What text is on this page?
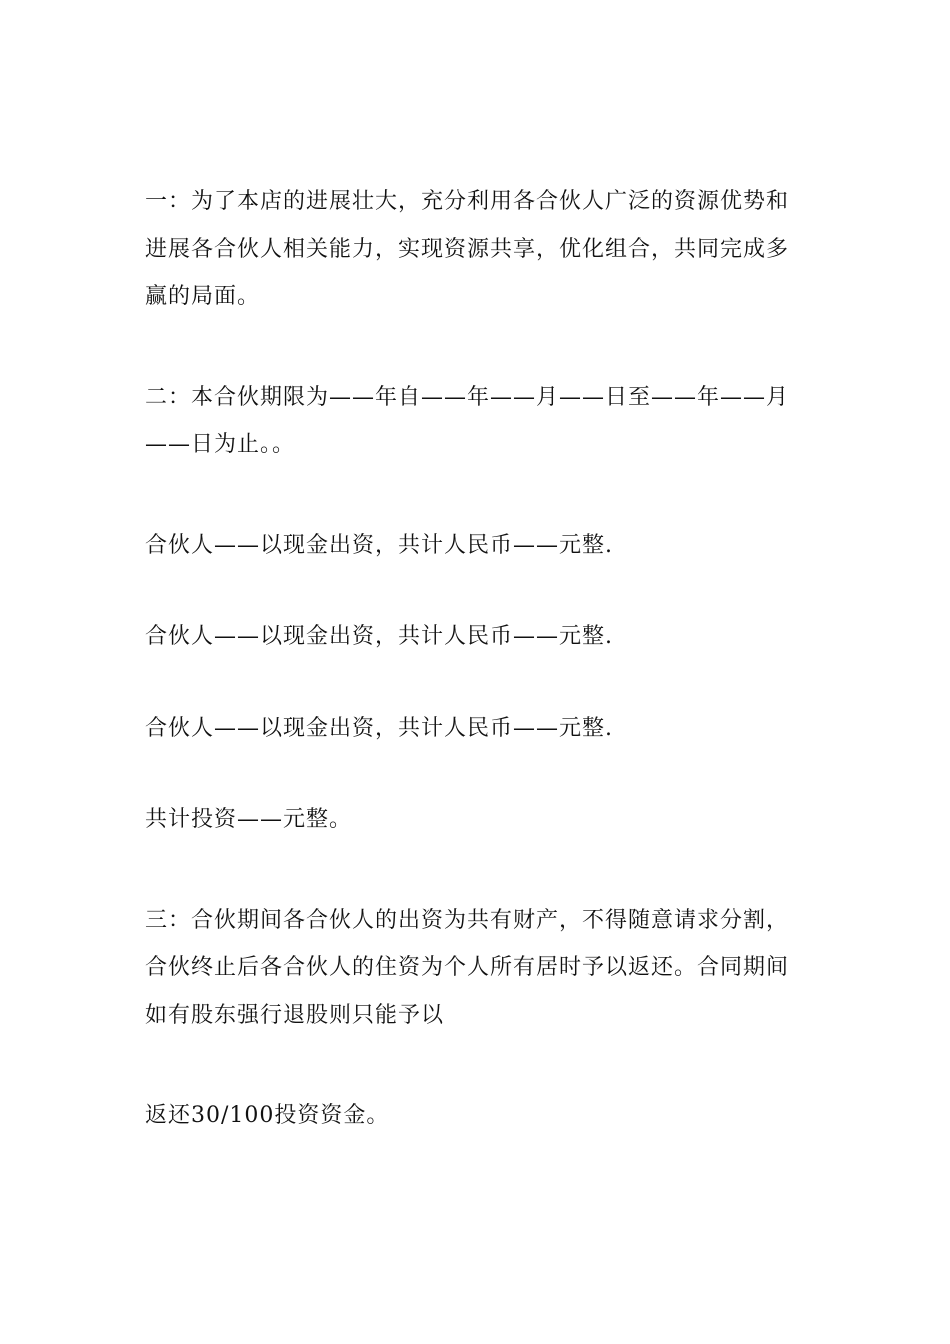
一：为了本店的进展壮大，充分利用各合伙人广泛的资源优势和进展各合伙人相关能力，实现资源共享，优化组合，共同完成多赢的局面。

二：本合伙期限为——年自——年——月——日至——年——月——日为止。。

合伙人——以现金出资，共计人民币——元整.

合伙人——以现金出资，共计人民币——元整.

合伙人——以现金出资，共计人民币——元整.

共计投资——元整。

三：合伙期间各合伙人的出资为共有财产，不得随意请求分割，合伙终止后各合伙人的住资为个人所有居时予以返还。合同期间如有股东强行退股则只能予以

返还30/100投资资金。
